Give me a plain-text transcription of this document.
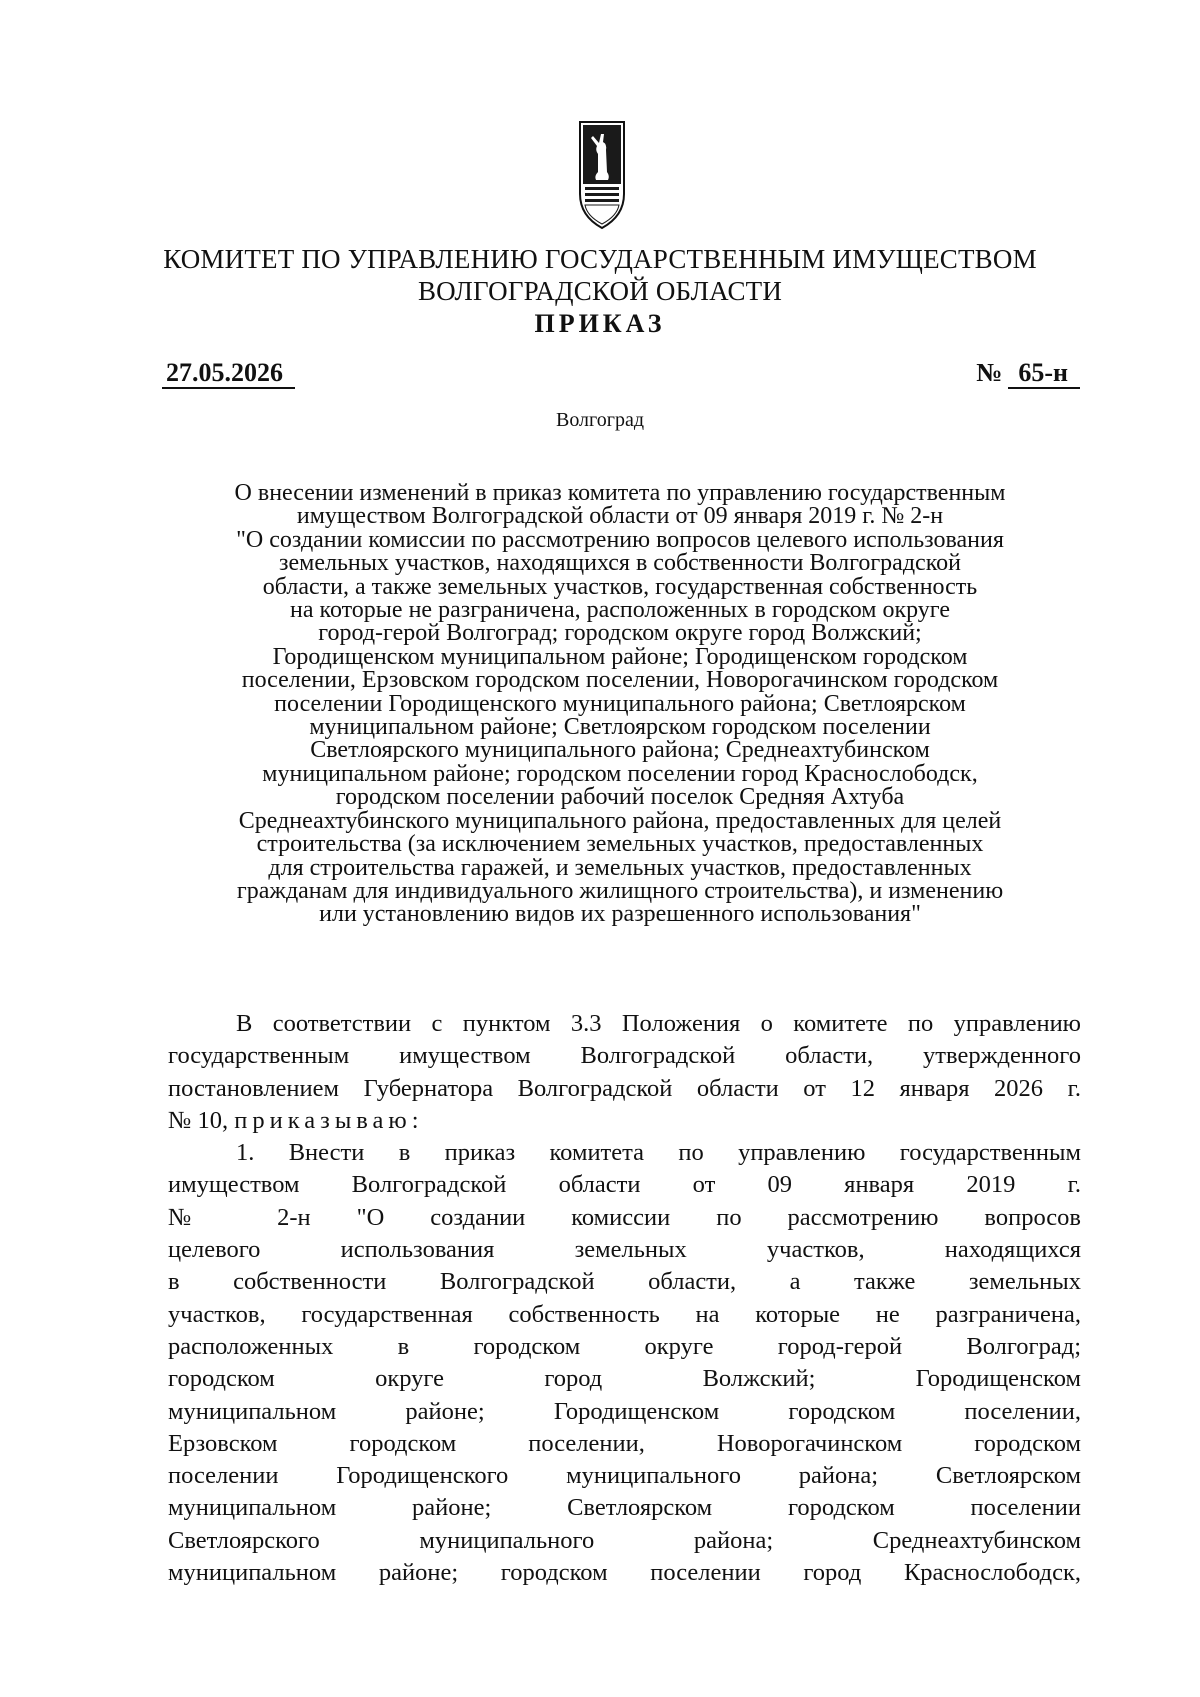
КОМИТЕТ ПО УПРАВЛЕНИЮ ГОСУДАРСТВЕННЫМ ИМУЩЕСТВОМ
ВОЛГОГРАДСКОЙ ОБЛАСТИ
ПРИКАЗ
27.05.2026	№ 65-н
Волгоград
О внесении изменений в приказ комитета по управлению государственным
имуществом Волгоградской области от 09 января 2019 г. № 2-н
"О создании комиссии по рассмотрению вопросов целевого использования
земельных участков, находящихся в собственности Волгоградской
области, а также земельных участков, государственная собственность
на которые не разграничена, расположенных в городском округе
город-герой Волгоград; городском округе город Волжский;
Городищенском муниципальном районе; Городищенском городском
поселении, Ерзовском городском поселении, Новорогачинском городском
поселении Городищенского муниципального района; Светлоярском
муниципальном районе; Светлоярском городском поселении
Светлоярского муниципального района; Среднеахтубинском
муниципальном районе; городском поселении город Краснослободск,
городском поселении рабочий поселок Средняя Ахтуба
Среднеахтубинского муниципального района, предоставленных для целей
строительства (за исключением земельных участков, предоставленных
для строительства гаражей, и земельных участков, предоставленных
гражданам для индивидуального жилищного строительства), и изменению
или установлению видов их разрешенного использования"
В соответствии с пунктом 3.3 Положения о комитете по управлению
государственным имуществом Волгоградской области, утвержденного
постановлением Губернатора Волгоградской области от 12 января 2026 г.
№ 10, приказываю:
1. Внести в приказ комитета по управлению государственным
имуществом Волгоградской области от 09 января 2019 г.
№ 2-н "О создании комиссии по рассмотрению вопросов
целевого использования земельных участков, находящихся
в собственности Волгоградской области, а также земельных
участков, государственная собственность на которые не разграничена,
расположенных в городском округе город-герой Волгоград;
городском округе город Волжский; Городищенском
муниципальном районе; Городищенском городском поселении,
Ерзовском городском поселении, Новорогачинском городском
поселении Городищенского муниципального района; Светлоярском
муниципальном районе; Светлоярском городском поселении
Светлоярского муниципального района; Среднеахтубинском
муниципальном районе; городском поселении город Краснослободск,
